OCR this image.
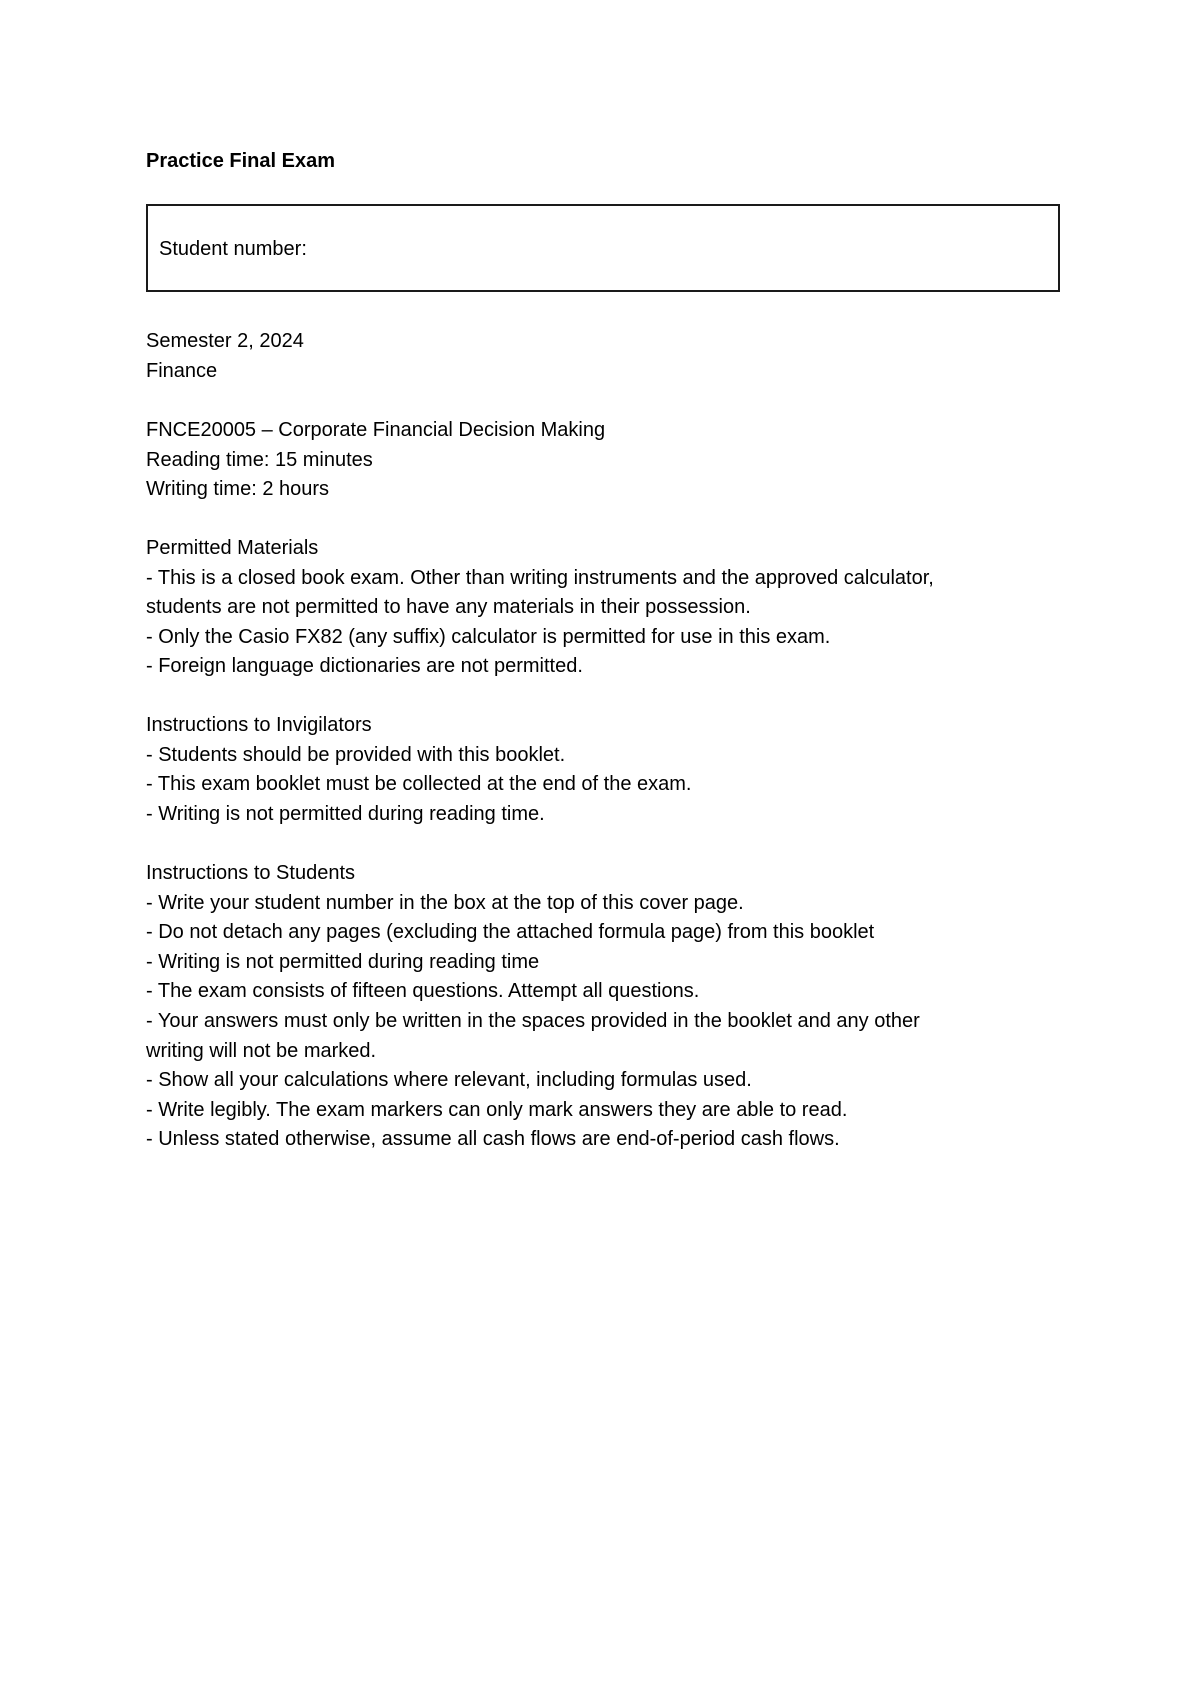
Practice Final Exam
Student number:
Semester 2, 2024
Finance
FNCE20005 – Corporate Financial Decision Making
Reading time: 15 minutes
Writing time: 2 hours
Permitted Materials
- This is a closed book exam. Other than writing instruments and the approved calculator,
students are not permitted to have any materials in their possession.
- Only the Casio FX82 (any suffix) calculator is permitted for use in this exam.
- Foreign language dictionaries are not permitted.
Instructions to Invigilators
- Students should be provided with this booklet.
- This exam booklet must be collected at the end of the exam.
- Writing is not permitted during reading time.
Instructions to Students
- Write your student number in the box at the top of this cover page.
- Do not detach any pages (excluding the attached formula page) from this booklet
- Writing is not permitted during reading time
- The exam consists of fifteen questions. Attempt all questions.
- Your answers must only be written in the spaces provided in the booklet and any other
writing will not be marked.
- Show all your calculations where relevant, including formulas used.
- Write legibly. The exam markers can only mark answers they are able to read.
- Unless stated otherwise, assume all cash flows are end-of-period cash flows.
